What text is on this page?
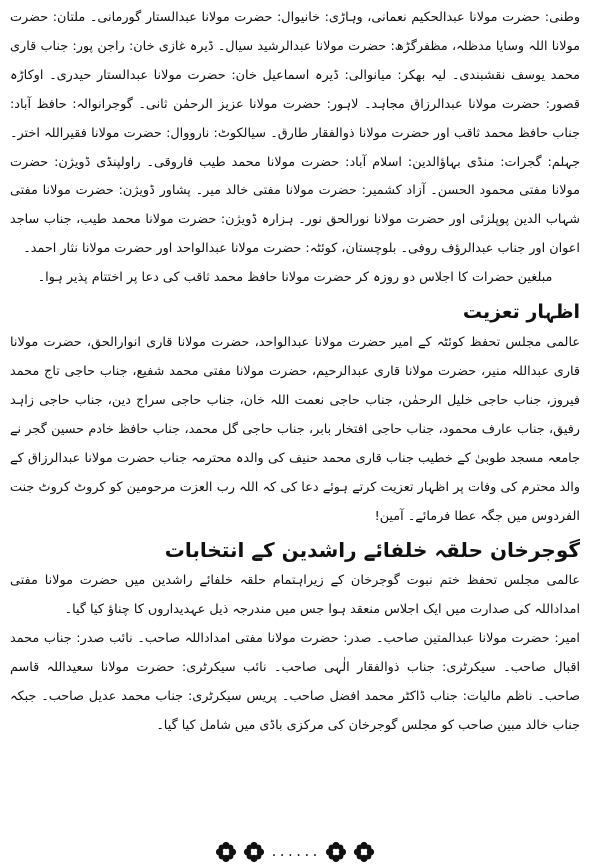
وطنی: حضرت مولانا عبدالحکیم نعمانی، وہاڑی: خانیوال: حضرت مولانا عبدالستار گورمانی۔ ملتان: حضرت مولانا اللہ وسایا مدظلہ، مظفرگڑھ: حضرت مولانا عبدالرشید سیال۔ ڈیرہ غازی خان: راجن پور: جناب قاری محمد یوسف نقشبندی۔ لیہ بھکر: میانوالی: ڈیرہ اسماعیل خان: حضرت مولانا عبدالستار حیدری۔ اوکاڑہ قصور: حضرت مولانا عبدالرزاق مجاہد۔ لاہور: حضرت مولانا عزیز الرحمٰن ثانی۔ گوجرانوالہ: حافظ آباد: جناب حافظ محمد ثاقب اور حضرت مولانا ذوالفقار طارق۔ سیالکوٹ: نارووال: حضرت مولانا فقیراللہ اختر۔ جہلم: گجرات: منڈی بہاؤالدین: اسلام آباد: حضرت مولانا محمد طیب فاروقی۔ راولپنڈی ڈویژن: حضرت مولانا مفتی محمود الحسن۔ آزاد کشمیر: حضرت مولانا مفتی خالد میر۔ پشاور ڈویژن: حضرت مولانا مفتی شہاب الدین پوپلزئی اور حضرت مولانا نورالحق نور۔ ہزارہ ڈویژن: حضرت مولانا محمد طیب، جناب ساجد اعوان اور جناب عبدالرؤف روفی۔ بلوچستان، کوئٹہ: حضرت مولانا عبدالواحد اور حضرت مولانا نثار احمد۔

مبلغین حضرات کا اجلاس دو روزہ کر حضرت مولانا حافظ محمد ثاقب کی دعا پر اختتام پذیر ہوا۔

اظہار تعزیت

عالمی مجلس تحفظ کوئٹہ کے امیر حضرت مولانا عبدالواحد، حضرت مولانا قاری انوارالحق، حضرت مولانا قاری عبداللہ منیر، حضرت مولانا قاری عبدالرحیم، حضرت مولانا مفتی محمد شفیع، جناب حاجی تاج محمد فیروز، جناب حاجی خلیل الرحمٰن، جناب حاجی نعمت اللہ خان، جناب حاجی سراج دین، جناب حاجی زاہد رفیق، جناب عارف محمود، جناب حاجی افتخار بابر، جناب حاجی گل محمد، جناب حافظ خادم حسین گجر نے جامعہ مسجد طوبیٰ کے خطیب جناب قاری محمد حنیف کی والدہ محترمہ جناب حضرت مولانا عبدالرزاق کے والد محترم کی وفات پر اظہار تعزیت کرتے ہوئے دعا کی کہ اللہ رب العزت مرحومین کو کروٹ کروٹ جنت الفردوس میں جگہ عطا فرمائے۔ آمین!

گوجرخان حلقہ خلفائے راشدین کے انتخابات

عالمی مجلس تحفظ ختم نبوت گوجرخان کے زیراہتمام حلقہ خلفائے راشدین میں حضرت مولانا مفتی امداداللہ کی صدارت میں ایک اجلاس منعقد ہوا جس میں مندرجہ ذیل عہدیداروں کا چناؤ کیا گیا۔

امیر: حضرت مولانا عبدالمتین صاحب۔ صدر: حضرت مولانا مفتی امداداللہ صاحب۔ نائب صدر: جناب محمد اقبال صاحب۔ سیکرٹری: جناب ذوالفقار الٰہی صاحب۔ نائب سیکرٹری: حضرت مولانا سعیداللہ قاسم صاحب۔ ناظم مالیات: جناب ڈاکٹر محمد افضل صاحب۔ پریس سیکرٹری: جناب محمد عدیل صاحب۔ جبکہ جناب خالد مبین صاحب کو مجلس گوجرخان کی مرکزی باڈی میں شامل کیا گیا۔

......
